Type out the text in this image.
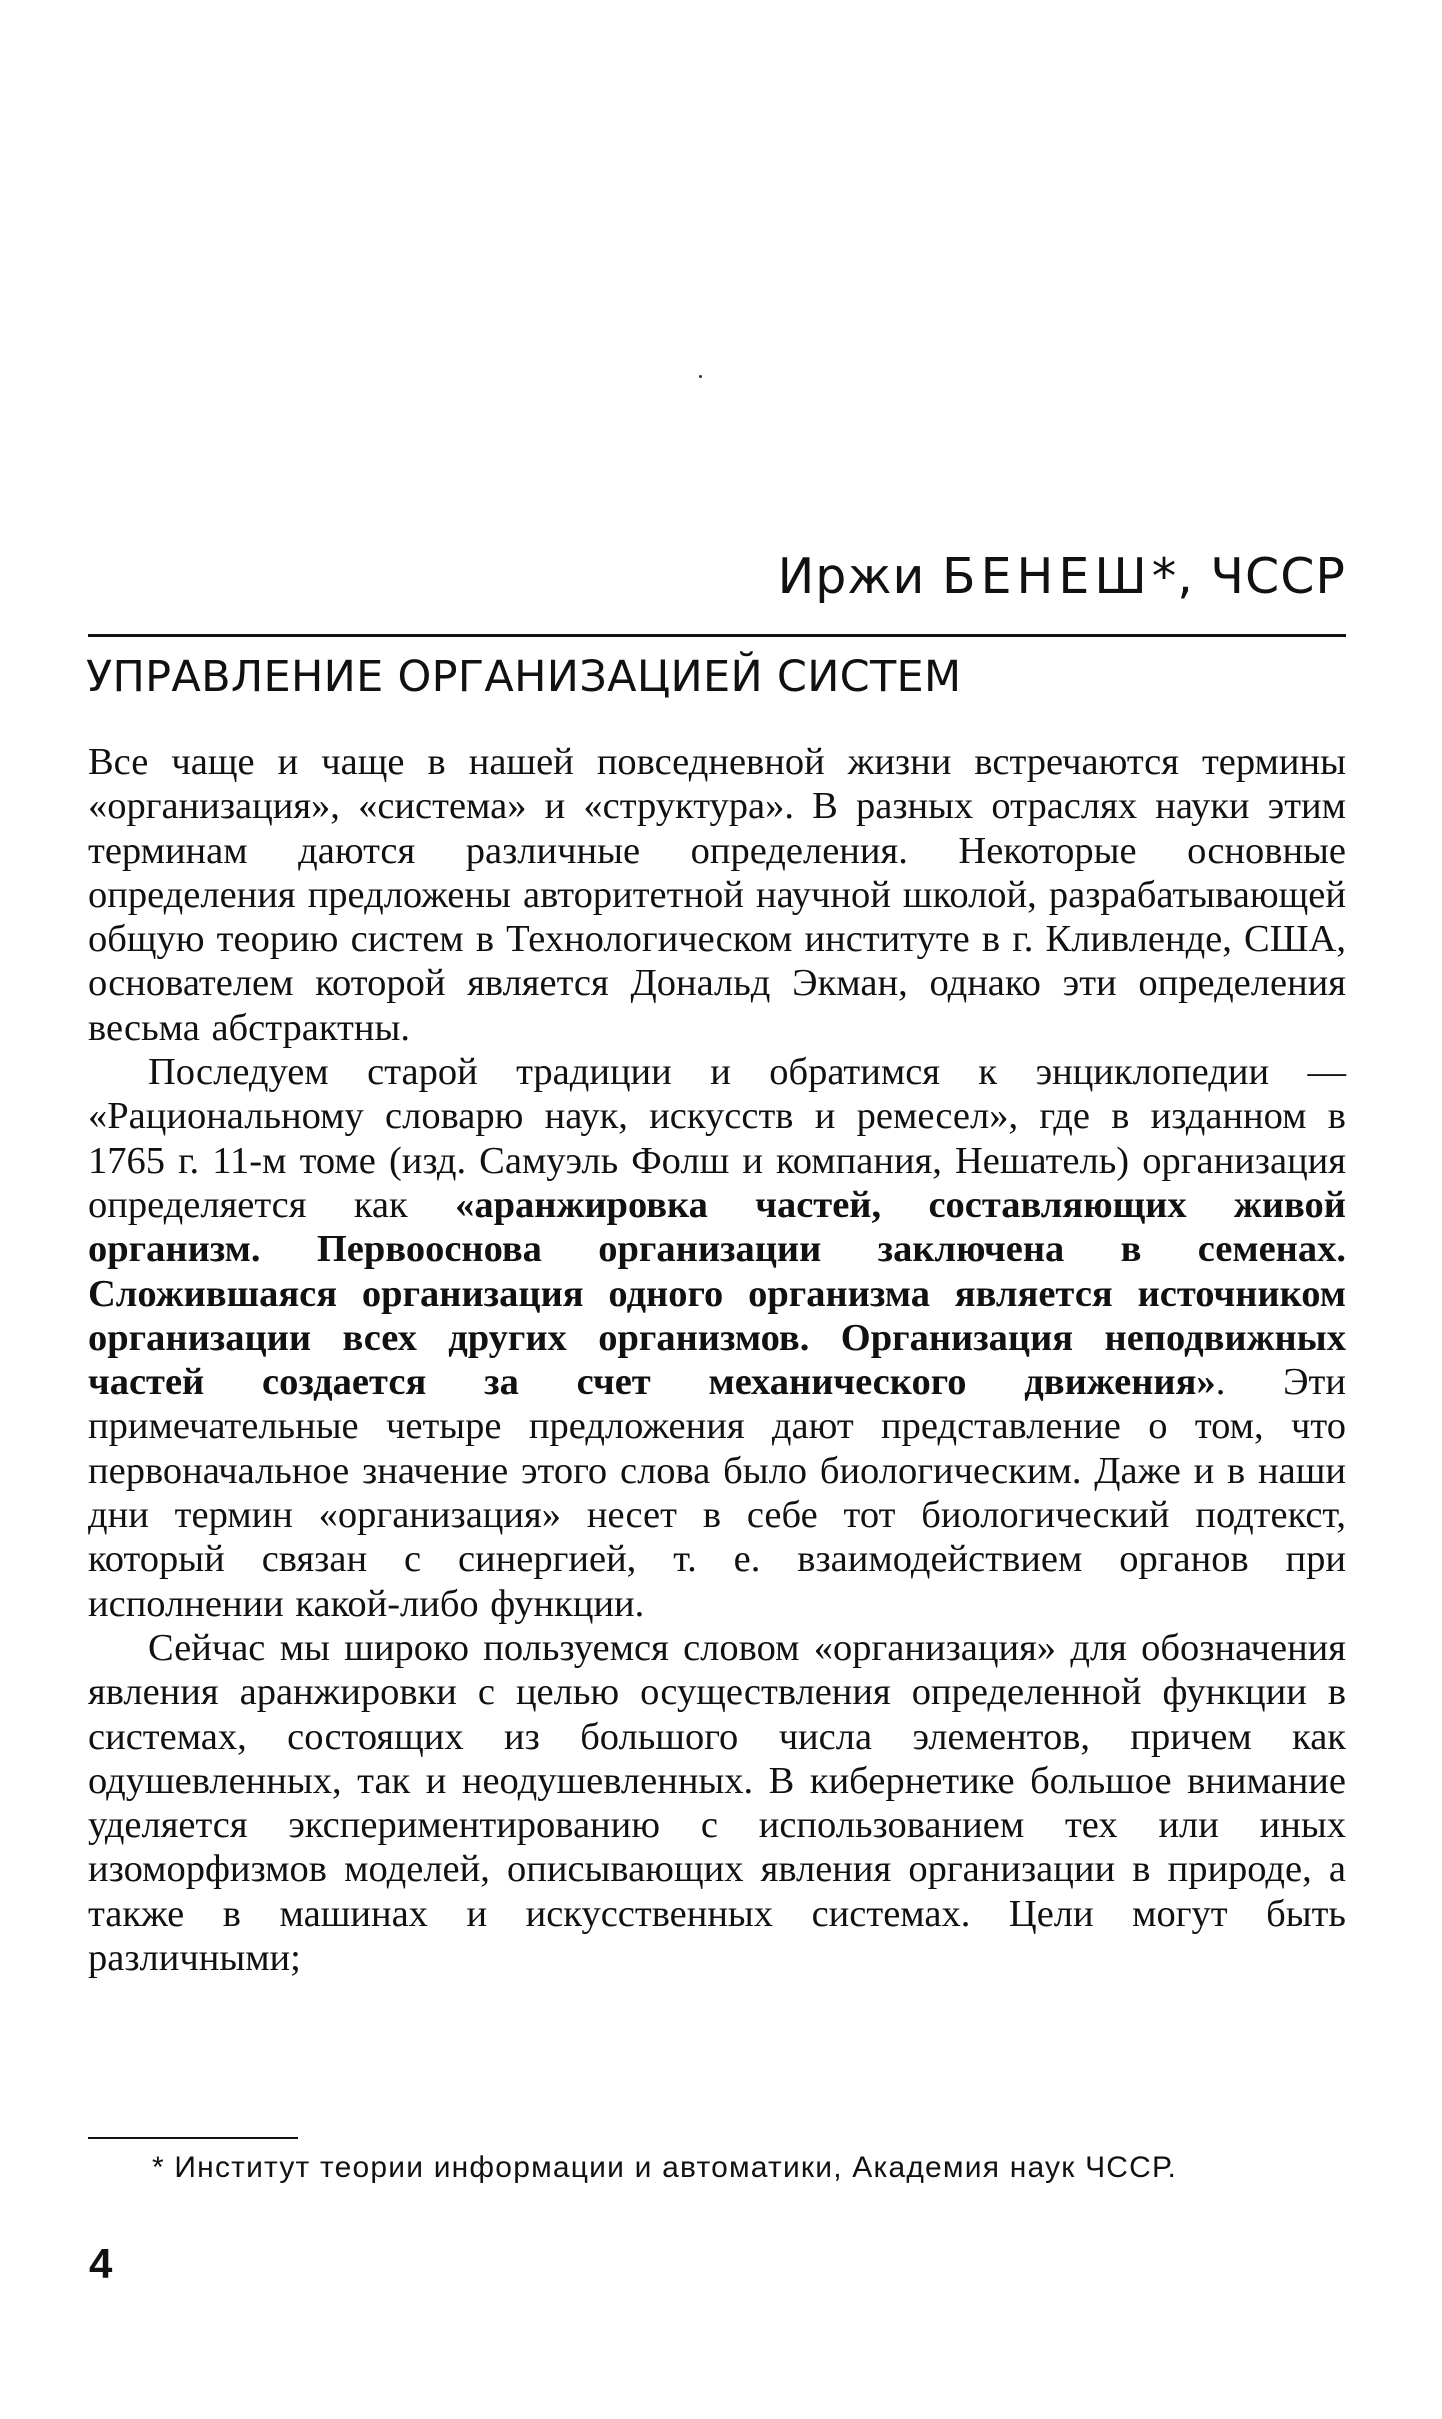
Иржи БЕНЕШ*, ЧССР
УПРАВЛЕНИЕ ОРГАНИЗАЦИЕЙ СИСТЕМ

Все чаще и чаще в нашей повседневной жизни встречаются термины «организация», «система» и «структура». В разных отраслях науки этим терминам даются различные определения. Некоторые основные определения предложены авторитетной научной школой, разрабатывающей общую теорию систем в Технологическом институте в г. Кливленде, США, основателем которой является Дональд Экман, однако эти определения весьма абстрактны.

Последуем старой традиции и обратимся к энциклопедии — «Рациональному словарю наук, искусств и ремесел», где в изданном в 1765 г. 11-м томе (изд. Самуэль Фолш и компания, Нешатель) организация определяется как «аранжировка частей, составляющих живой организм. Первооснова организации заключена в семенах. Сложившаяся организация одного организма является источником организации всех других организмов. Организация неподвижных частей создается за счет механического движения». Эти примечательные четыре предложения дают представление о том, что первоначальное значение этого слова было биологическим. Даже и в наши дни термин «организация» несет в себе тот биологический подтекст, который связан с синергией, т. е. взаимодействием органов при исполнении какой-либо функции.

Сейчас мы широко пользуемся словом «организация» для обозначения явления аранжировки с целью осуществления определенной функции в системах, состоящих из большого числа элементов, причем как одушевленных, так и неодушевленных. В кибернетике большое внимание уделяется экспериментированию с использованием тех или иных изоморфизмов моделей, описывающих явления организации в природе, а также в машинах и искусственных системах. Цели могут быть различными;

* Институт теории информации и автоматики, Академия наук ЧССР.
4
